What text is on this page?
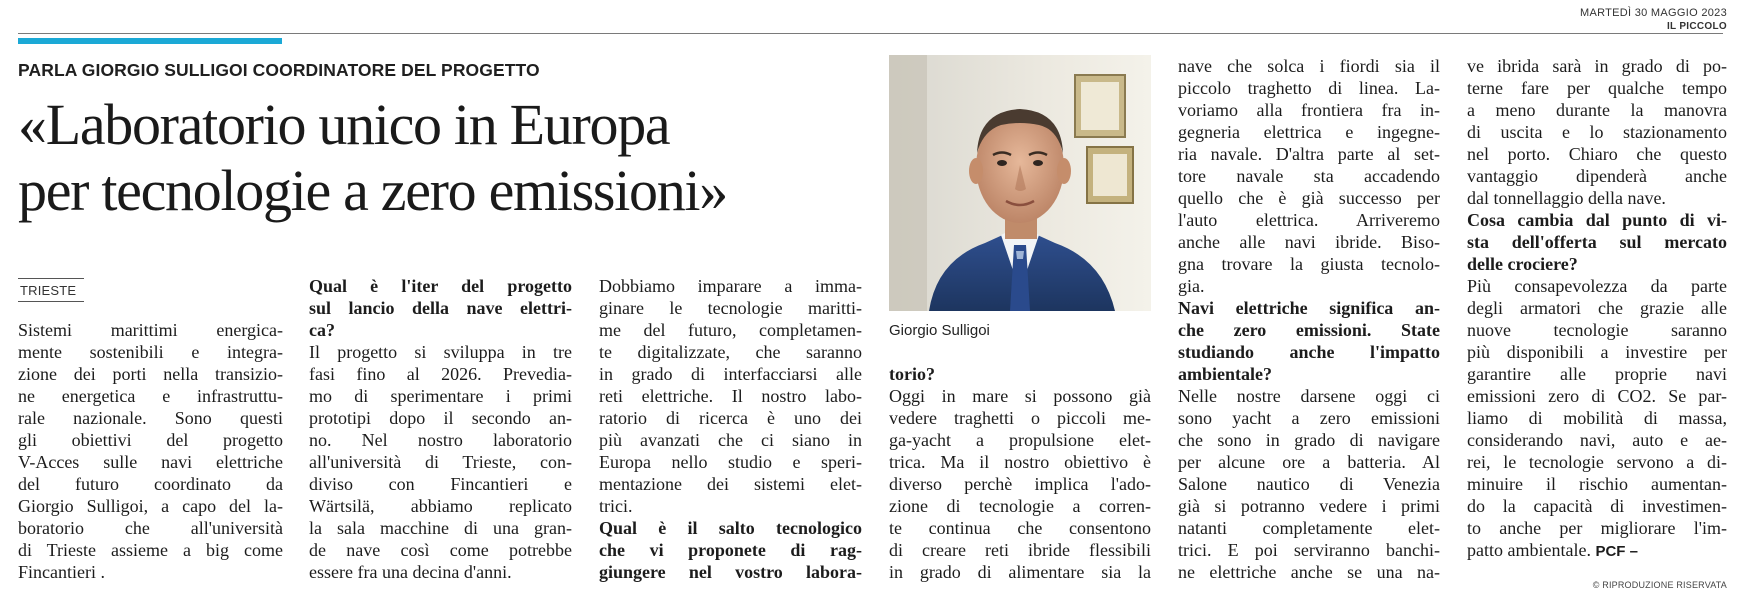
MARTEDÌ 30 MAGGIO 2023
IL PICCOLO
PARLA GIORGIO SULLIGOI COORDINATORE DEL PROGETTO
«Laboratorio unico in Europa
per tecnologie a zero emissioni»
TRIESTE
Sistemi marittimi energica-
mente sostenibili e integra-
zione dei porti nella transizio-
ne energetica e infrastruttu-
rale nazionale. Sono questi
gli obiettivi del progetto
V-Acces sulle navi elettriche
del futuro coordinato da
Giorgio Sulligoi, a capo del la-
boratorio che all'università
di Trieste assieme a big come
Fincantieri .
Qual è l'iter del progetto
sul lancio della nave elettri-
ca?
Il progetto si sviluppa in tre
fasi fino al 2026. Prevedia-
mo di sperimentare i primi
prototipi dopo il secondo an-
no. Nel nostro laboratorio
all'università di Trieste, con-
diviso con Fincantieri e
Wärtsilä, abbiamo replicato
la sala macchine di una gran-
de nave così come potrebbe
essere fra una decina d'anni.
Dobbiamo imparare a imma-
ginare le tecnologie maritti-
me del futuro, completamen-
te digitalizzate, che saranno
in grado di interfacciarsi alle
reti elettriche. Il nostro labo-
ratorio di ricerca è uno dei
più avanzati che ci siano in
Europa nello studio e speri-
mentazione dei sistemi elet-
trici.
Qual è il salto tecnologico
che vi proponete di rag-
giungere nel vostro labora-
Giorgio Sulligoi
torio?
Oggi in mare si possono già
vedere traghetti o piccoli me-
ga-yacht a propulsione elet-
trica. Ma il nostro obiettivo è
diverso perchè implica l'ado-
zione di tecnologie a corren-
te continua che consentono
di creare reti ibride flessibili
in grado di alimentare sia la
nave che solca i fiordi sia il
piccolo traghetto di linea. La-
voriamo alla frontiera fra in-
gegneria elettrica e ingegne-
ria navale. D'altra parte al set-
tore navale sta accadendo
quello che è già successo per
l'auto elettrica. Arriveremo
anche alle navi ibride. Biso-
gna trovare la giusta tecnolo-
gia.
Navi elettriche significa an-
che zero emissioni. State
studiando anche l'impatto
ambientale?
Nelle nostre darsene oggi ci
sono yacht a zero emissioni
che sono in grado di navigare
per alcune ore a batteria. Al
Salone nautico di Venezia
già si potranno vedere i primi
natanti completamente elet-
trici. E poi serviranno banchi-
ne elettriche anche se una na-
ve ibrida sarà in grado di po-
terne fare per qualche tempo
a meno durante la manovra
di uscita e lo stazionamento
nel porto. Chiaro che questo
vantaggio dipenderà anche
dal tonnellaggio della nave.
Cosa cambia dal punto di vi-
sta dell'offerta sul mercato
delle crociere?
Più consapevolezza da parte
degli armatori che grazie alle
nuove tecnologie saranno
più disponibili a investire per
garantire alle proprie navi
emissioni zero di CO2. Se par-
liamo di mobilità di massa,
considerando navi, auto e ae-
rei, le tecnologie servono a di-
minuire il rischio aumentan-
do la capacità di investimen-
to anche per migliorare l'im-
patto ambientale. PCF –
© RIPRODUZIONE RISERVATA
